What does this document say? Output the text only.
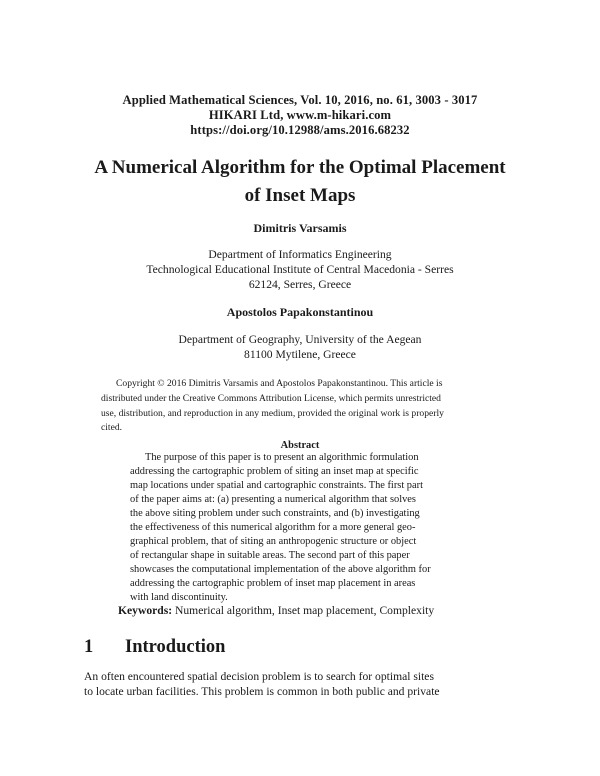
Applied Mathematical Sciences, Vol. 10, 2016, no. 61, 3003 - 3017
HIKARI Ltd, www.m-hikari.com
https://doi.org/10.12988/ams.2016.68232
A Numerical Algorithm for the Optimal Placement
of Inset Maps
Dimitris Varsamis
Department of Informatics Engineering
Technological Educational Institute of Central Macedonia - Serres
62124, Serres, Greece
Apostolos Papakonstantinou
Department of Geography, University of the Aegean
81100 Mytilene, Greece
Copyright © 2016 Dimitris Varsamis and Apostolos Papakonstantinou. This article is
distributed under the Creative Commons Attribution License, which permits unrestricted
use, distribution, and reproduction in any medium, provided the original work is properly
cited.
Abstract
The purpose of this paper is to present an algorithmic formulation
addressing the cartographic problem of siting an inset map at specific
map locations under spatial and cartographic constraints. The first part
of the paper aims at: (a) presenting a numerical algorithm that solves
the above siting problem under such constraints, and (b) investigating
the effectiveness of this numerical algorithm for a more general geo-
graphical problem, that of siting an anthropogenic structure or object
of rectangular shape in suitable areas. The second part of this paper
showcases the computational implementation of the above algorithm for
addressing the cartographic problem of inset map placement in areas
with land discontinuity.
Keywords: Numerical algorithm, Inset map placement, Complexity
1 Introduction
An often encountered spatial decision problem is to search for optimal sites
to locate urban facilities. This problem is common in both public and private
